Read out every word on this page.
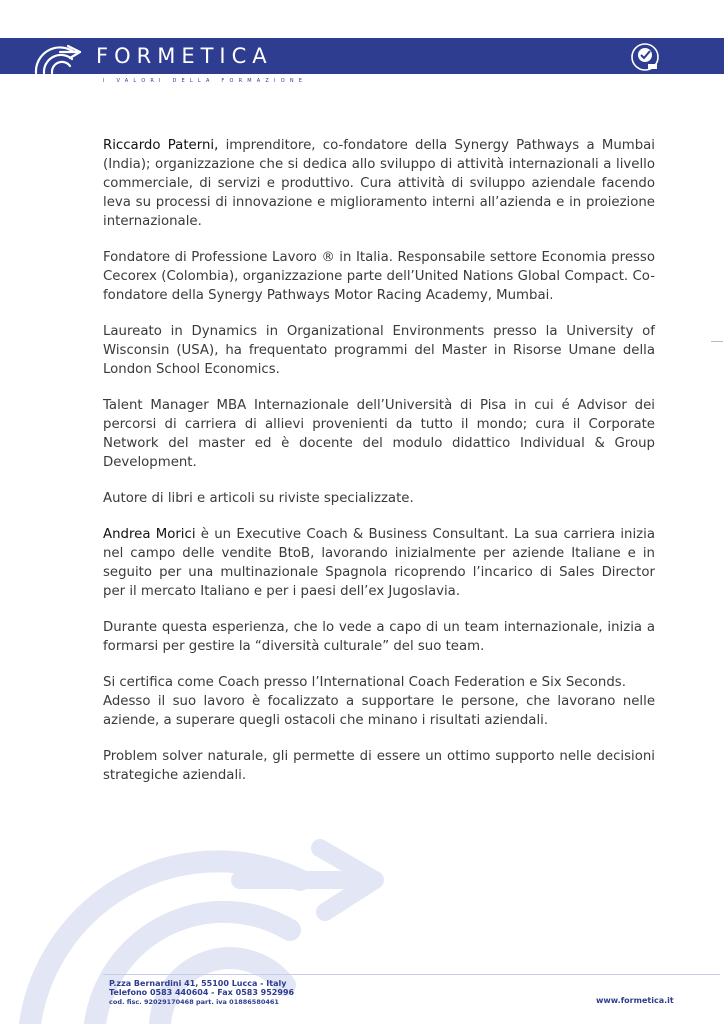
FORMETICA
I VALORI DELLA FORMAZIONE

Riccardo Paterni, imprenditore, co-fondatore della Synergy Pathways a Mumbai (India); organizzazione che si dedica allo sviluppo di attività internazionali a livello commerciale, di servizi e produttivo. Cura attività di sviluppo aziendale facendo leva su processi di innovazione e miglioramento interni all’azienda e in proiezione internazionale.

Fondatore di Professione Lavoro ® in Italia. Responsabile settore Economia presso Cecorex (Colombia), organizzazione parte dell’United Nations Global Compact. Co-fondatore della Synergy Pathways Motor Racing Academy, Mumbai.

Laureato in Dynamics in Organizational Environments presso la University of Wisconsin (USA), ha frequentato programmi del Master in Risorse Umane della London School Economics.

Talent Manager MBA Internazionale dell’Università di Pisa in cui é Advisor dei percorsi di carriera di allievi provenienti da tutto il mondo; cura il Corporate Network del master ed è docente del modulo didattico Individual & Group Development.

Autore di libri e articoli su riviste specializzate.

Andrea Morici è un Executive Coach & Business Consultant. La sua carriera inizia nel campo delle vendite BtoB, lavorando inizialmente per aziende Italiane e in seguito per una multinazionale Spagnola ricoprendo l’incarico di Sales Director per il mercato Italiano e per i paesi dell’ex Jugoslavia.

Durante questa esperienza, che lo vede a capo di un team internazionale, inizia a formarsi per gestire la “diversità culturale” del suo team.

Si certifica come Coach presso l’International Coach Federation e Six Seconds.
Adesso il suo lavoro è focalizzato a supportare le persone, che lavorano nelle aziende, a superare quegli ostacoli che minano i risultati aziendali.

Problem solver naturale, gli permette di essere un ottimo supporto nelle decisioni strategiche aziendali.

P.zza Bernardini 41, 55100 Lucca - Italy
Telefono 0583 440604 - Fax 0583 952996
cod. fisc. 92029170468 part. iva 01886580461	www.formetica.it
